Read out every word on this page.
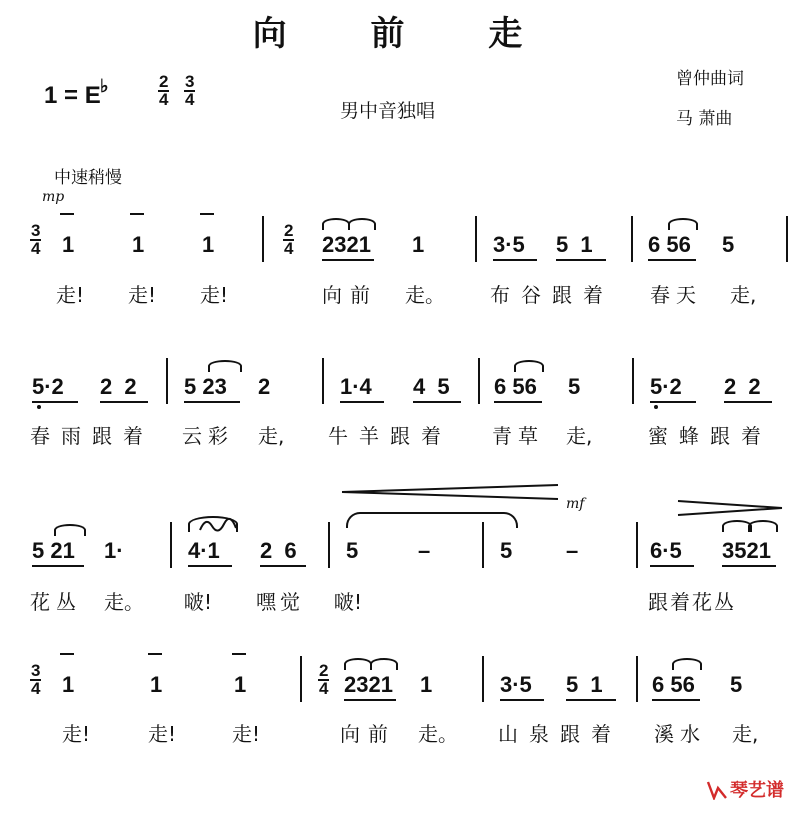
向 前 走
1 = E ♭	2
4
3
4
男中音独唱
曾仲曲词
马 萧曲
中速稍慢
mp
mf
3
4 1	1	1
2
4 2321 1	3·5 5 1	6 56 5
走! 走! 走!	向前 走。 布谷跟着 春天 走,
5·2 2 2 5 23 2	1·4 4 5 6 56 5	5·2 2 2
春雨跟着 云彩 走, 牛羊跟着 青草 走,	蜜蜂跟着
5 21 1·	4·1 2 6 5	–	5 –	6·5 3521
花丛 走。 啵! 嘿觉 啵!	跟着花丛
3
4 1	1	1
2
4 2321 1	3·5 5 1 6 56 5
走!	走!	走!	向前 走。 山泉跟着 溪水 走,
琴艺谱
